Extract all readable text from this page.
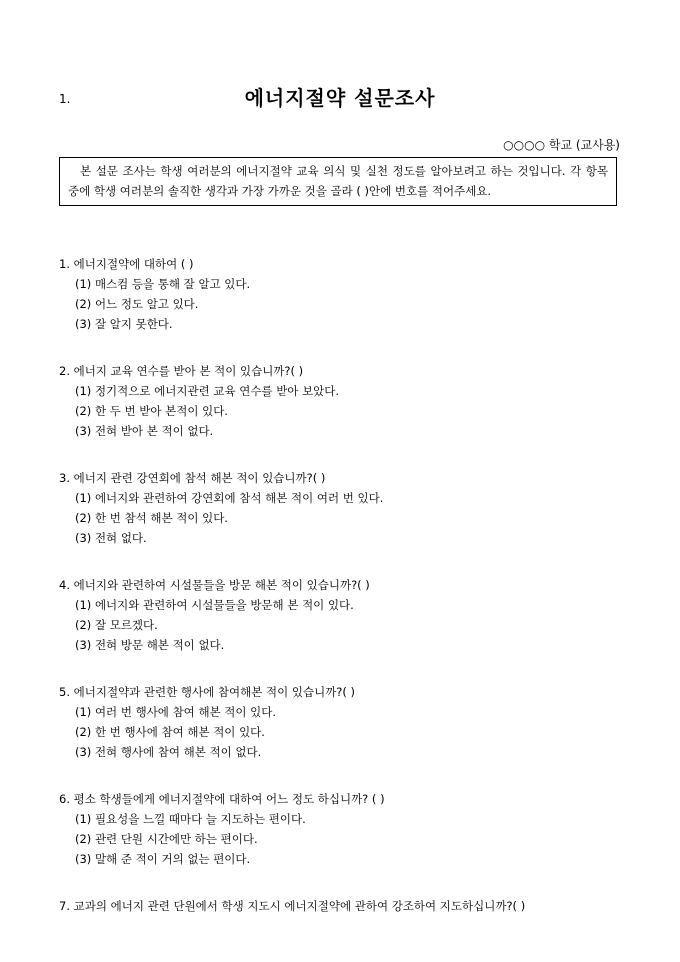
1.	에너지절약 설문조사
○○○○ 학교 (교사용)

본 설문 조사는 학생 여러분의 에너지절약 교육 의식 및 실천 정도를 알아보려고 하는 것입니다. 각 항목 중에 학생 여러분의 솔직한 생각과 가장 가까운 것을 골라 ( )안에 번호를 적어주세요.

1. 에너지절약에 대하여 ( )
(1) 매스컴 등을 통해 잘 알고 있다.
(2) 어느 정도 알고 있다.
(3) 잘 알지 못한다.
2. 에너지 교육 연수를 받아 본 적이 있습니까?( )
(1) 정기적으로 에너지관련 교육 연수를 받아 보았다.
(2) 한 두 번 받아 본적이 있다.
(3) 전혀 받아 본 적이 없다.
3. 에너지 관련 강연회에 참석 해본 적이 있습니까?( )
(1) 에너지와 관련하여 강연회에 참석 해본 적이 여러 번 있다.
(2) 한 번 참석 해본 적이 있다.
(3) 전혀 없다.
4. 에너지와 관련하여 시설물들을 방문 해본 적이 있습니까?( )
(1) 에너지와 관련하여 시설물들을 방문해 본 적이 있다.
(2) 잘 모르겠다.
(3) 전혀 방문 해본 적이 없다.
5. 에너지절약과 관련한 행사에 참여해본 적이 있습니까?( )
(1) 여러 번 행사에 참여 해본 적이 있다.
(2) 한 번 행사에 참여 해본 적이 있다.
(3) 전혀 행사에 참여 해본 적이 없다.
6. 평소 학생들에게 에너지절약에 대하여 어느 정도 하십니까? ( )
(1) 필요성을 느낄 때마다 늘 지도하는 편이다.
(2) 관련 단원 시간에만 하는 편이다.
(3) 말해 준 적이 거의 없는 편이다.
7. 교과의 에너지 관련 단원에서 학생 지도시 에너지절약에 관하여 강조하여 지도하십니까?( )
